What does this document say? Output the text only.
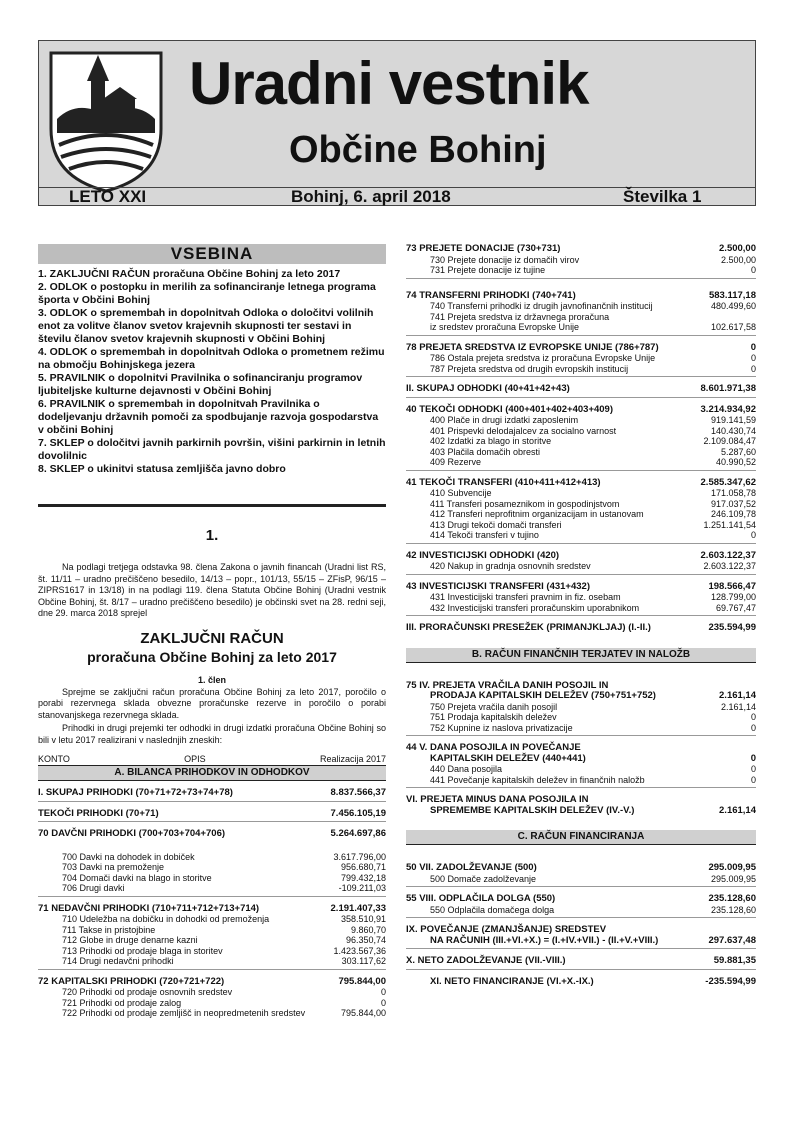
Uradni vestnik
Občine Bohinj
LETO XXI	Bohinj, 6. april 2018	Številka 1
VSEBINA
1. ZAKLJUČNI RAČUN proračuna Občine Bohinj za leto 2017
2. ODLOK o postopku in merilih za sofinanciranje letnega programa športa v Občini Bohinj
3. ODLOK o spremembah in dopolnitvah Odloka o določitvi volilnih enot za volitve članov svetov krajevnih skupnosti ter sestavi in številu članov svetov krajevnih skupnosti v Občini Bohinj
4. ODLOK o spremembah in dopolnitvah Odloka o prometnem režimu na območju Bohinjskega jezera
5. PRAVILNIK o dopolnitvi Pravilnika o sofinanciranju programov ljubiteljske kulturne dejavnosti v Občini Bohinj
6. PRAVILNIK o spremembah in dopolnitvah Pravilnika o dodeljevanju državnih pomoči za spodbujanje razvoja gospodarstva v občini Bohinj
7. SKLEP o določitvi javnih parkirnih površin, višini parkirnin in letnih dovolilnic
8. SKLEP o ukinitvi statusa zemljišča javno dobro
1.
Na podlagi tretjega odstavka 98. člena Zakona o javnih financah (Uradni list RS, št. 11/11 – uradno prečiščeno besedilo, 14/13 – popr., 101/13, 55/15 – ZFisP, 96/15 – ZIPRS1617 in 13/18) in na podlagi 119. člena Statuta Občine Bohinj (Uradni vestnik Občine Bohinj, št. 8/17 – uradno prečiščeno besedilo) je občinski svet na 28. redni seji, dne 29. marca 2018 sprejel
ZAKLJUČNI RAČUN
proračuna Občine Bohinj za leto 2017
1. člen
Sprejme se zaključni račun proračuna Občine Bohinj za leto 2017, poročilo o porabi rezervnega sklada obvezne proračunske rezerve in poročilo o porabi stanovanjskega rezervnega sklada.
Prihodki in drugi prejemki ter odhodki in drugi izdatki proračuna Občine Bohinj so bili v letu 2017 realizirani v naslednjih zneskih:
KONTO	OPIS	Realizacija 2017
A. BILANCA PRIHODKOV IN ODHODKOV
I. SKUPAJ PRIHODKI (70+71+72+73+74+78)	8.837.566,37
TEKOČI PRIHODKI (70+71)	7.456.105,19
70 DAVČNI PRIHODKI (700+703+704+706)	5.264.697,86
700 Davki na dohodek in dobiček	3.617.796,00
703 Davki na premoženje	956.680,71
704 Domači davki na blago in storitve	799.432,18
706 Drugi davki	-109.211,03
71 NEDAVČNI PRIHODKI (710+711+712+713+714)	2.191.407,33
710 Udeležba na dobičku in dohodki od premoženja	358.510,91
711 Takse in pristojbine	9.860,70
712 Globe in druge denarne kazni	96.350,74
713 Prihodki od prodaje blaga in storitev	1.423.567,36
714 Drugi nedavčni prihodki	303.117,62
72 KAPITALSKI PRIHODKI (720+721+722)	795.844,00
720 Prihodki od prodaje osnovnih sredstev	0
721 Prihodki od prodaje zalog	0
722 Prihodki od prodaje zemljišč in neopredmetenih sredstev	795.844,00
73 PREJETE DONACIJE (730+731)	2.500,00
730 Prejete donacije iz domačih virov	2.500,00
731 Prejete donacije iz tujine	0
74 TRANSFERNI PRIHODKI (740+741)	583.117,18
740 Transferni prihodki iz drugih javnofinančnih institucij	480.499,60
741 Prejeta sredstva iz državnega proračuna
iz sredstev proračuna Evropske Unije	102.617,58
78 PREJETA SREDSTVA IZ EVROPSKE UNIJE (786+787)	0
786 Ostala prejeta sredstva iz proračuna Evropske Unije	0
787 Prejeta sredstva od drugih evropskih institucij	0
II. SKUPAJ ODHODKI (40+41+42+43)	8.601.971,38
40 TEKOČI ODHODKI (400+401+402+403+409)	3.214.934,92
400 Plače in drugi izdatki zaposlenim	919.141,59
401 Prispevki delodajalcev za socialno varnost	140.430,74
402 Izdatki za blago in storitve	2.109.084,47
403 Plačila domačih obresti	5.287,60
409 Rezerve	40.990,52
41 TEKOČI TRANSFERI (410+411+412+413)	2.585.347,62
410 Subvencije	171.058,78
411 Transferi posameznikom in gospodinjstvom	917.037,52
412 Transferi neprofitnim organizacijam in ustanovam	246.109,78
413 Drugi tekoči domači transferi	1.251.141,54
414 Tekoči transferi v tujino	0
42 INVESTICIJSKI ODHODKI (420)	2.603.122,37
420 Nakup in gradnja osnovnih sredstev	2.603.122,37
43 INVESTICIJSKI TRANSFERI (431+432)	198.566,47
431 Investicijski transferi pravnim in fiz. osebam	128.799,00
432 Investicijski transferi proračunskim uporabnikom	69.767,47
III. PRORAČUNSKI PRESEŽEK (PRIMANJKLJAJ) (I.-II.)	235.594,99
B. RAČUN FINANČNIH TERJATEV IN NALOŽB
75 IV. PREJETA VRAČILA DANIH POSOJIL IN
PRODAJA KAPITALSKIH DELEŽEV (750+751+752)	2.161,14
750 Prejeta vračila danih posojil	2.161,14
751 Prodaja kapitalskih deležev	0
752 Kupnine iz naslova privatizacije	0
44 V. DANA POSOJILA IN POVEČANJE
KAPITALSKIH DELEŽEV (440+441)	0
440 Dana posojila	0
441 Povečanje kapitalskih deležev in finančnih naložb	0
VI. PREJETA MINUS DANA POSOJILA IN
SPREMEMBE KAPITALSKIH DELEŽEV (IV.-V.)	2.161,14
C. RAČUN FINANCIRANJA
50 VII. ZADOLŽEVANJE (500)	295.009,95
500 Domače zadolževanje	295.009,95
55 VIII. ODPLAČILA DOLGA (550)	235.128,60
550 Odplačila domačega dolga	235.128,60
IX. POVEČANJE (ZMANJŠANJE) SREDSTEV
NA RAČUNIH (III.+VI.+X.) = (I.+IV.+VII.) - (II.+V.+VIII.)	297.637,48
X. NETO ZADOLŽEVANJE (VII.-VIII.)	59.881,35
XI. NETO FINANCIRANJE (VI.+X.-IX.)	-235.594,99
